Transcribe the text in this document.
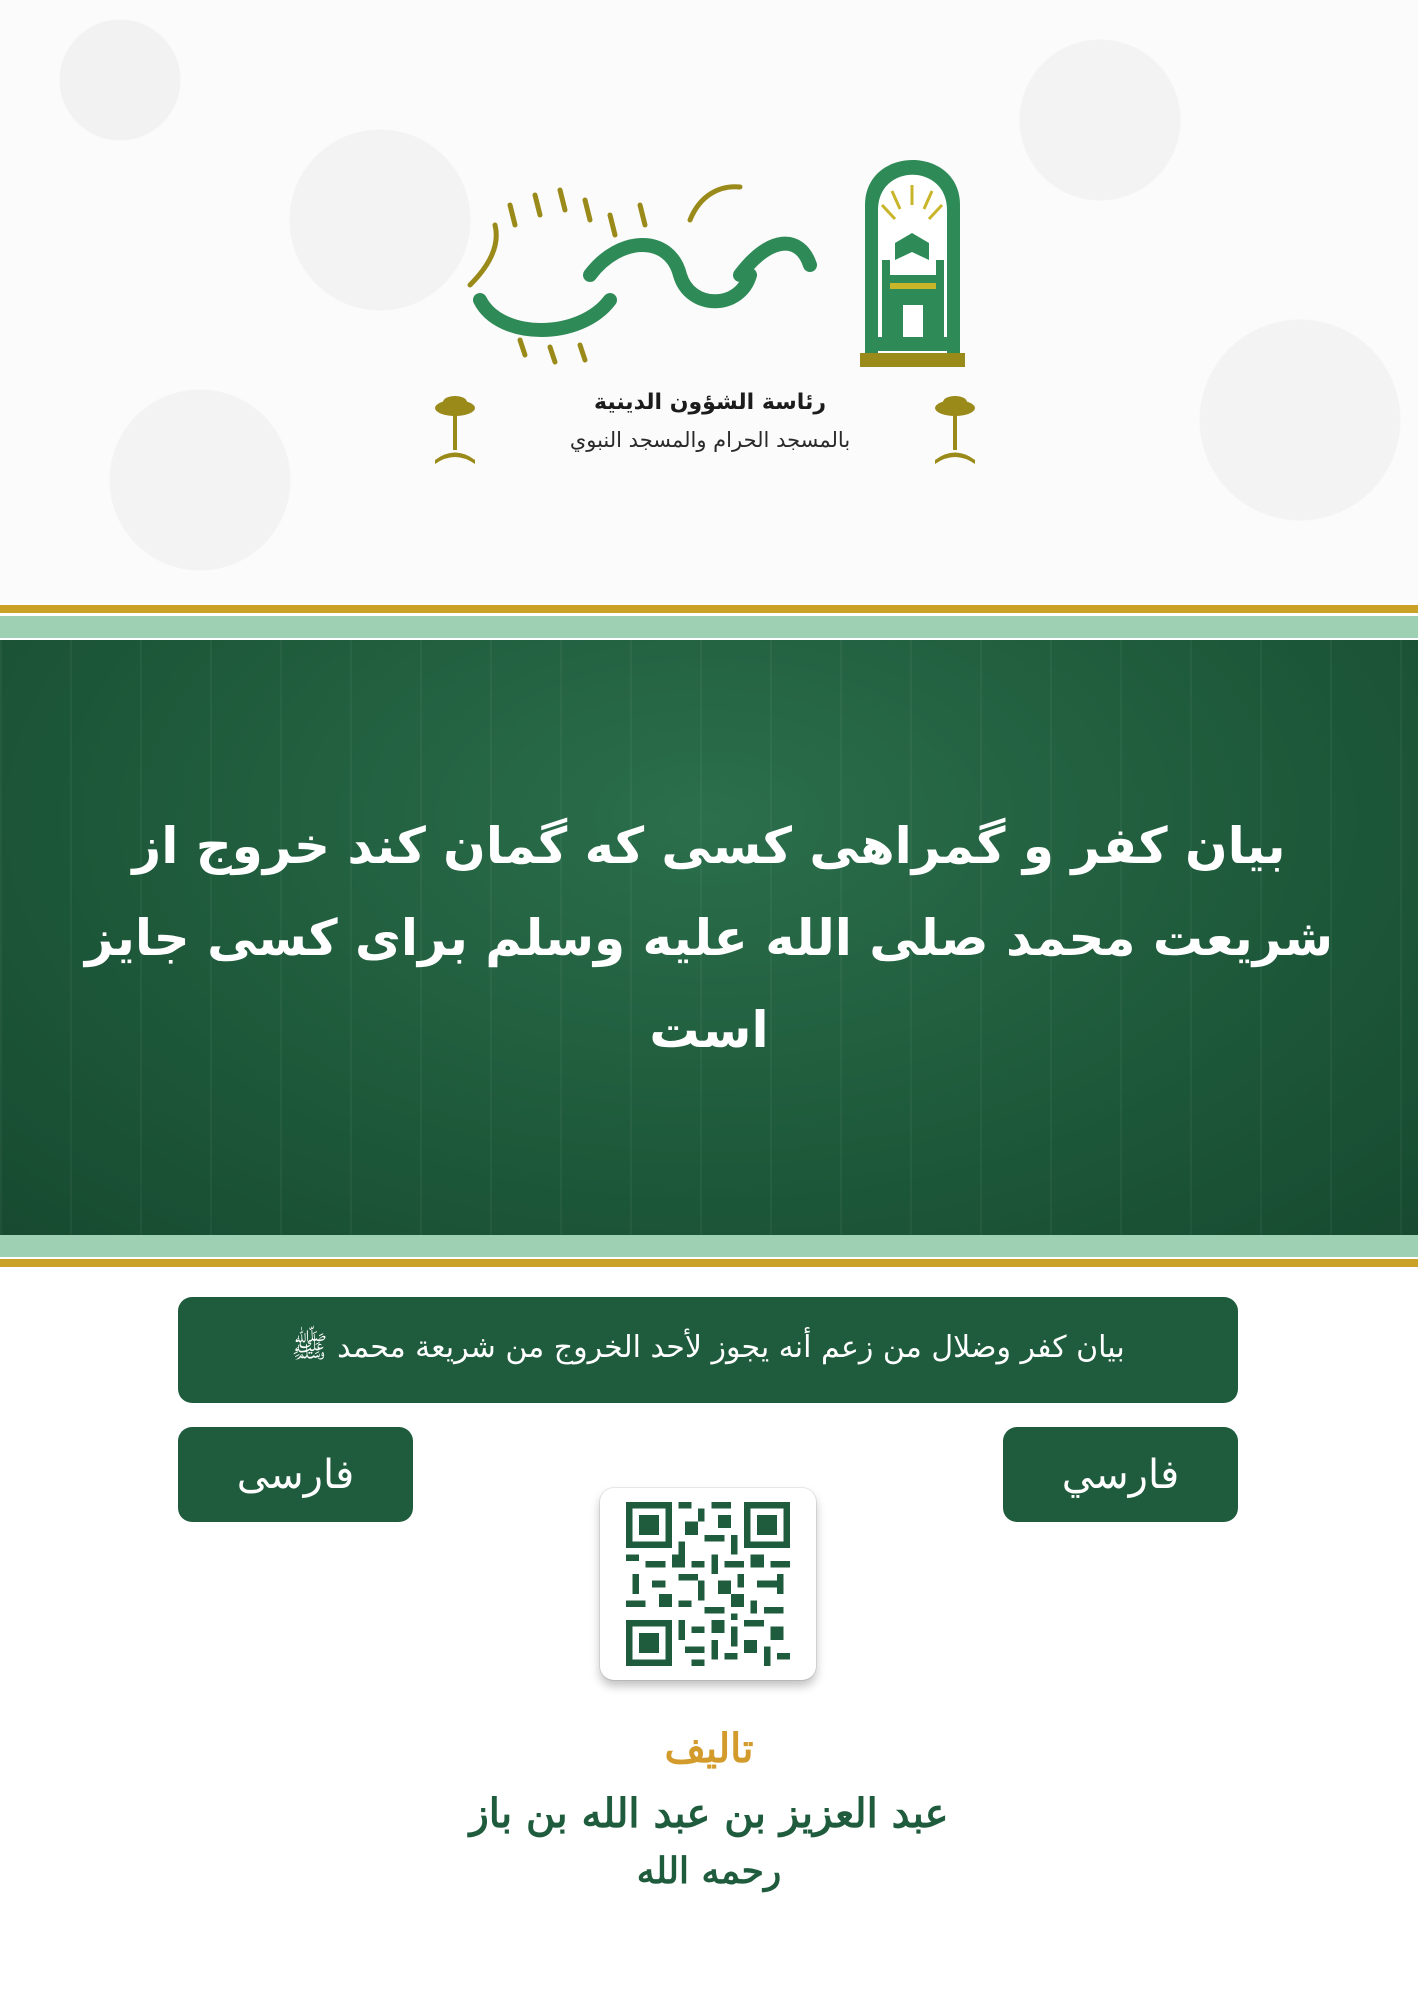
رئاسة الشؤون الدينية
بالمسجد الحرام والمسجد النبوي
بیان کفر و گمراهی کسی که گمان کند خروج از
شریعت محمد صلی الله علیه وسلم برای کسی جایز است
بيان كفر وضلال من زعم أنه يجوز لأحد الخروج من شريعة محمد ﷺ
فارسى	فارسي
تاليف
عبد العزيز بن عبد الله بن باز
رحمه الله
